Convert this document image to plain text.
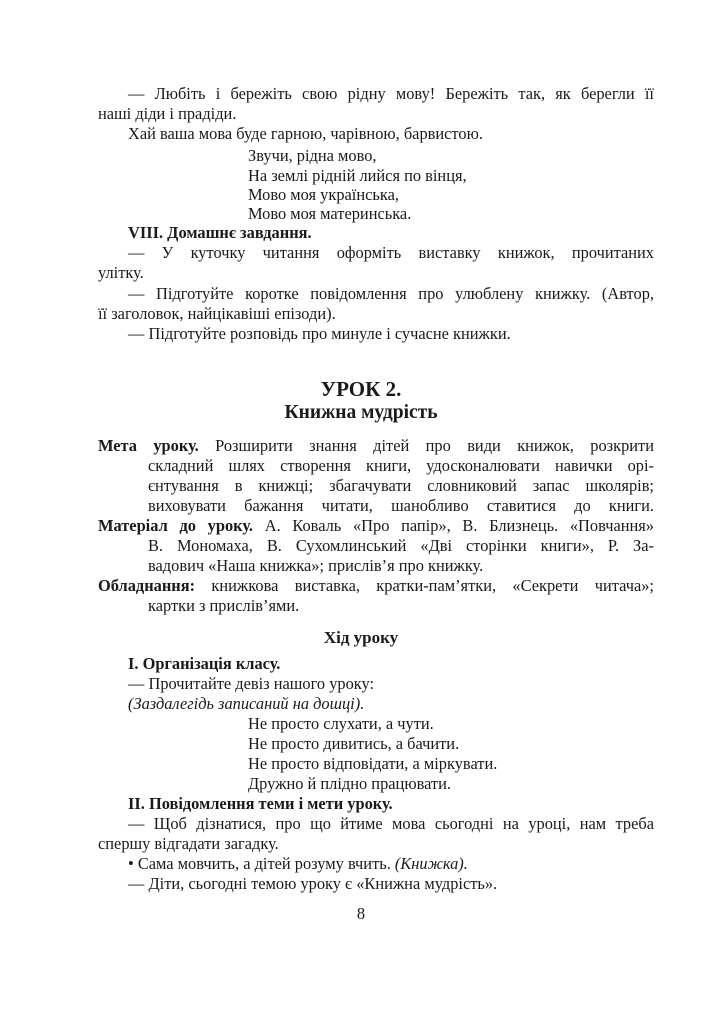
— Любіть і бережіть свою рідну мову! Бережіть так, як берегли її
наші діди і прадіди.
Хай ваша мова буде гарною, чарівною, барвистою.
Звучи, рідна мово,
На землі рідній лийся по вінця,
Мово моя українська,
Мово моя материнська.
VIII. Домашнє завдання.
— У куточку читання оформіть виставку книжок, прочитаних
улітку.
— Підготуйте коротке повідомлення про улюблену книжку. (Автор,
її заголовок, найцікавіші епізоди).
— Підготуйте розповідь про минуле і сучасне книжки.
УРОК 2.
Книжна мудрість
Мета уроку. Розширити знання дітей про види книжок, розкрити
складний шлях створення книги, удосконалювати навички орі-
єнтування в книжці; збагачувати словниковий запас школярів;
виховувати бажання читати, шанобливо ставитися до книги.
Матеріал до уроку. А. Коваль «Про папір», В. Близнець. «Повчання»
В. Мономаха, В. Сухомлинський «Дві сторінки книги», Р. За-
вадович «Наша книжка»; прислів’я про книжку.
Обладнання: книжкова виставка, кратки-пам’ятки, «Секрети читача»;
картки з прислів’ями.
Хід уроку
І. Організація класу.
— Прочитайте девіз нашого уроку:
(Заздалегідь записаний на дошці).
Не просто слухати, а чути.
Не просто дивитись, а бачити.
Не просто відповідати, а міркувати.
Дружно й плідно працювати.
ІІ. Повідомлення теми і мети уроку.
— Щоб дізнатися, про що йтиме мова сьогодні на уроці, нам треба
спершу відгадати загадку.
• Сама мовчить, а дітей розуму вчить. (Книжка).
— Діти, сьогодні темою уроку є «Книжна мудрість».
8
